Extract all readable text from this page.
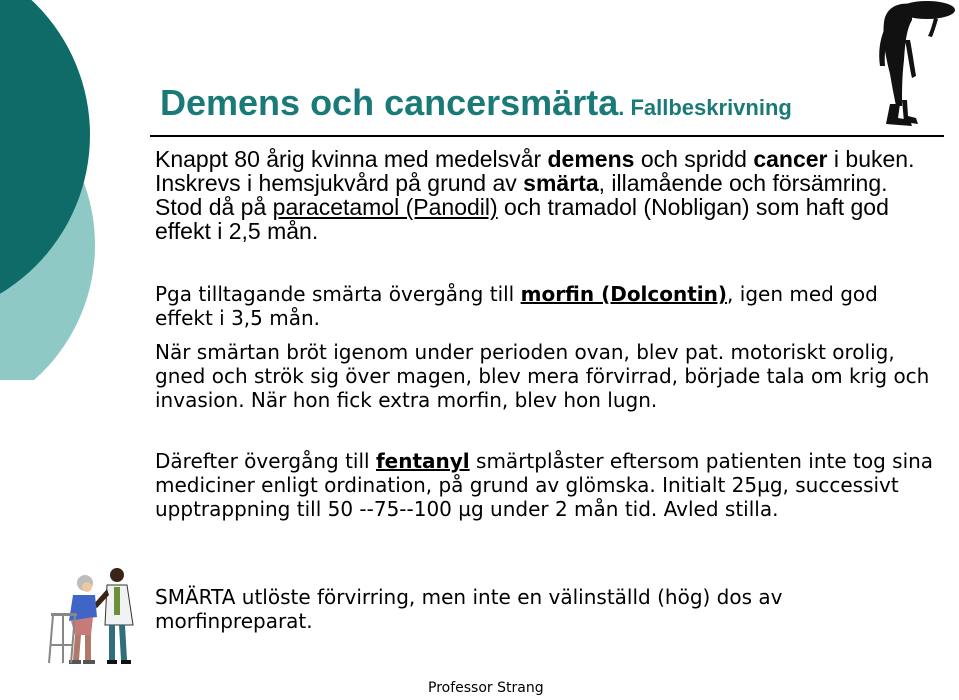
Demens och cancersmärta. Fallbeskrivning

Knappt 80 årig kvinna med medelsvår demens och spridd cancer i buken. Inskrevs i hemsjukvård på grund av smärta, illamående och försämring. Stod då på paracetamol (Panodil) och tramadol (Nobligan) som haft god effekt i 2,5 mån.

Pga tilltagande smärta övergång till morfin (Dolcontin), igen med god effekt i 3,5 mån.

När smärtan bröt igenom under perioden ovan, blev pat. motoriskt orolig, gned och strök sig över magen, blev mera förvirrad, började tala om krig och invasion. När hon fick extra morfin, blev hon lugn.

Därefter övergång till fentanyl smärtplåster eftersom patienten inte tog sina mediciner enligt ordination, på grund av glömska. Initialt 25µg, successivt upptrappning till 50 --75--100 µg under 2 mån tid. Avled stilla.

SMÄRTA utlöste förvirring, men inte en välinställd (hög) dos av morfinpreparat.

Professor Strang
